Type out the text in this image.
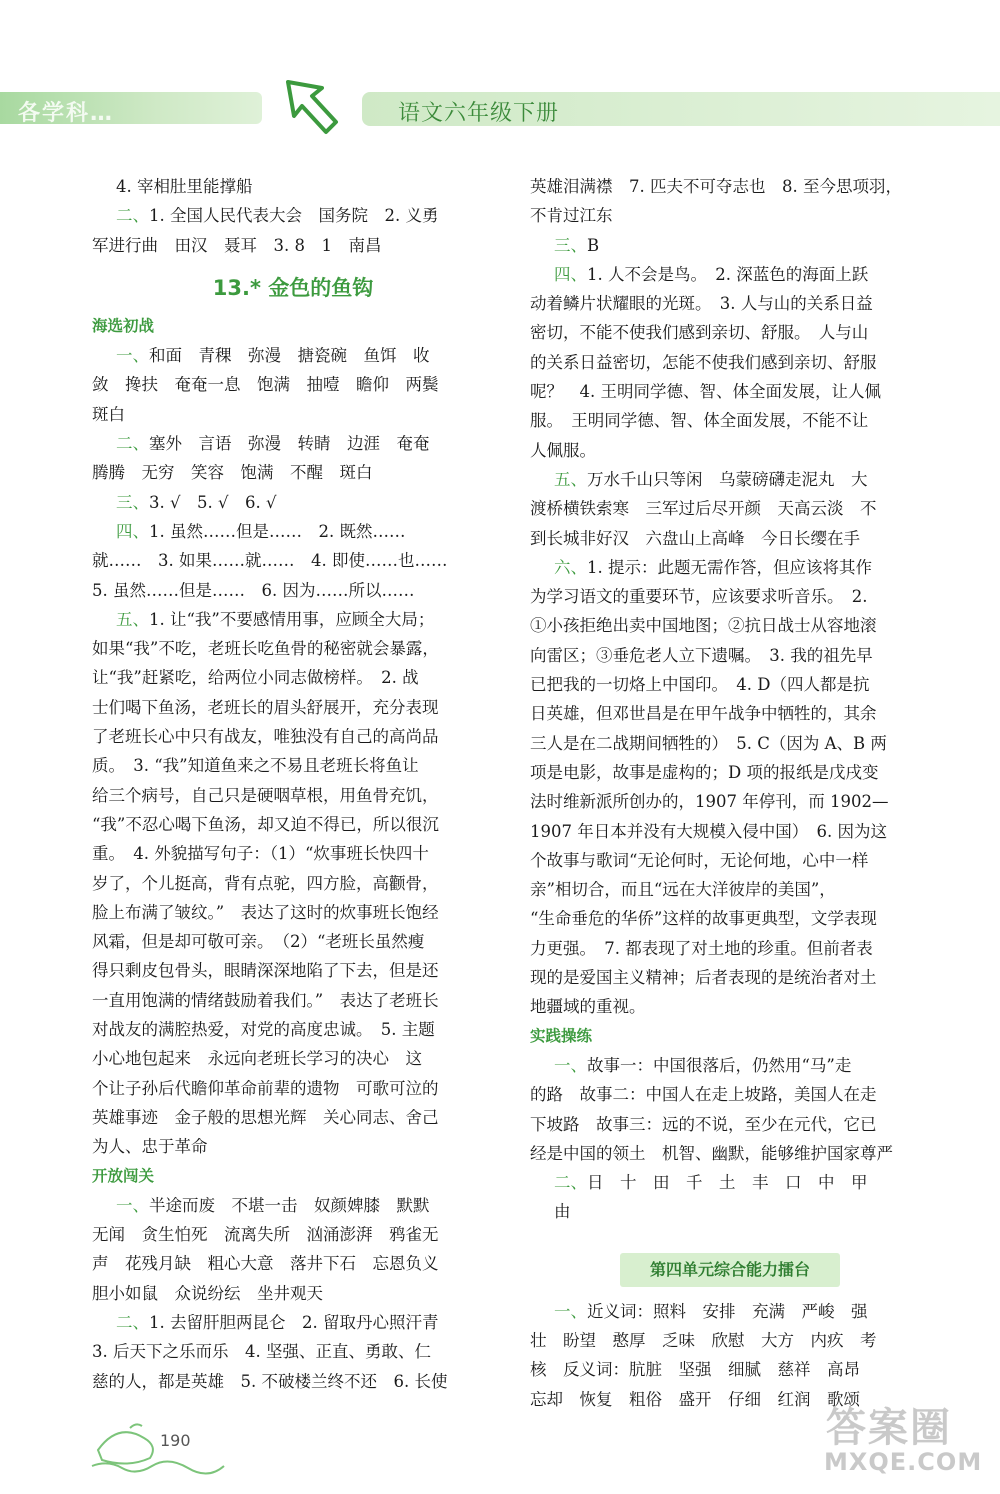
各学科…	语文六年级下册
4. 宰相肚里能撑船
二、1. 全国人民代表大会　国务院　2. 义勇
军进行曲　田汉　聂耳　3. 8　1　南昌
13.* 金色的鱼钩
海选初战
一、和面　青稞　弥漫　搪瓷碗　鱼饵　收
敛　搀扶　奄奄一息　饱满　抽噎　瞻仰　两鬓
斑白
二、塞外　言语　弥漫　转睛　边涯　奄奄
腾腾　无穷　笑容　饱满　不醒　斑白
三、3. √　5. √　6. √
四、1. 虽然……但是……　2. 既然……
就……　3. 如果……就……　4. 即使……也……
5. 虽然……但是……　6. 因为……所以……
五、1. 让“我”不要感情用事，应顾全大局；
如果“我”不吃，老班长吃鱼骨的秘密就会暴露，
让“我”赶紧吃，给两位小同志做榜样。　2. 战
士们喝下鱼汤，老班长的眉头舒展开，充分表现
了老班长心中只有战友，唯独没有自己的高尚品
质。　3. “我”知道鱼来之不易且老班长将鱼让
给三个病号，自己只是硬咽草根，用鱼骨充饥，
“我”不忍心喝下鱼汤，却又迫不得已，所以很沉
重。　4. 外貌描写句子：（1）“炊事班长快四十
岁了，个儿挺高，背有点驼，四方脸，高颧骨，
脸上布满了皱纹。”　表达了这时的炊事班长饱经
风霜，但是却可敬可亲。　（2）“老班长虽然瘦
得只剩皮包骨头，眼睛深深地陷了下去，但是还
一直用饱满的情绪鼓励着我们。”　表达了老班长
对战友的满腔热爱，对党的高度忠诚。　5. 主题
小心地包起来　永远向老班长学习的决心　这
个让子孙后代瞻仰革命前辈的遗物　可歌可泣的
英雄事迹　金子般的思想光辉　关心同志、舍己
为人、忠于革命
开放闯关
一、半途而废　不堪一击　奴颜婢膝　默默
无闻　贪生怕死　流离失所　汹涌澎湃　鸦雀无
声　花残月缺　粗心大意　落井下石　忘恩负义
胆小如鼠　众说纷纭　坐井观天
二、1. 去留肝胆两昆仑　2. 留取丹心照汗青
3. 后天下之乐而乐　4. 坚强、正直、勇敢、仁
慈的人，都是英雄　5. 不破楼兰终不还　6. 长使
英雄泪满襟　7. 匹夫不可夺志也　8. 至今思项羽，
不肯过江东
三、B
四、1. 人不会是鸟。　2. 深蓝色的海面上跃
动着鳞片状耀眼的光斑。　3. 人与山的关系日益
密切，不能不使我们感到亲切、舒服。　人与山
的关系日益密切，怎能不使我们感到亲切、舒服
呢？　4. 王明同学德、智、体全面发展，让人佩
服。　王明同学德、智、体全面发展，不能不让
人佩服。
五、万水千山只等闲　乌蒙磅礴走泥丸　大
渡桥横铁索寒　三军过后尽开颜　天高云淡　不
到长城非好汉　六盘山上高峰　今日长缨在手
六、1. 提示：此题无需作答，但应该将其作
为学习语文的重要环节，应该要求听音乐。　2.
①小孩拒绝出卖中国地图；②抗日战士从容地滚
向雷区；③垂危老人立下遗嘱。　3. 我的祖先早
已把我的一切烙上中国印。　4. D（四人都是抗
日英雄，但邓世昌是在甲午战争中牺牲的，其余
三人是在二战期间牺牲的）　5. C（因为 A、B 两
项是电影，故事是虚构的；D 项的报纸是戊戌变
法时维新派所创办的，1907 年停刊，而 1902—
1907 年日本并没有大规模入侵中国）　6. 因为这
个故事与歌词“无论何时，无论何地，心中一样
亲”相切合，而且“远在大洋彼岸的美国”，
“生命垂危的华侨”这样的故事更典型，文学表现
力更强。　7. 都表现了对土地的珍重。但前者表
现的是爱国主义精神；后者表现的是统治者对土
地疆域的重视。
实践操练
一、故事一：中国很落后，仍然用“马”走
的路　故事二：中国人在走上坡路，美国人在走
下坡路　故事三：远的不说，至少在元代，它已
经是中国的领土　机智、幽默，能够维护国家尊严
二、日　十　田　千　土　丰　口　中　甲
由
第四单元综合能力擂台
一、近义词：照料　安排　充满　严峻　强
壮　盼望　憨厚　乏味　欣慰　大方　内疚　考
核　反义词：肮脏　坚强　细腻　慈祥　高昂
忘却　恢复　粗俗　盛开　仔细　红润　歌颂
190	答案圈
MXQE.COM
